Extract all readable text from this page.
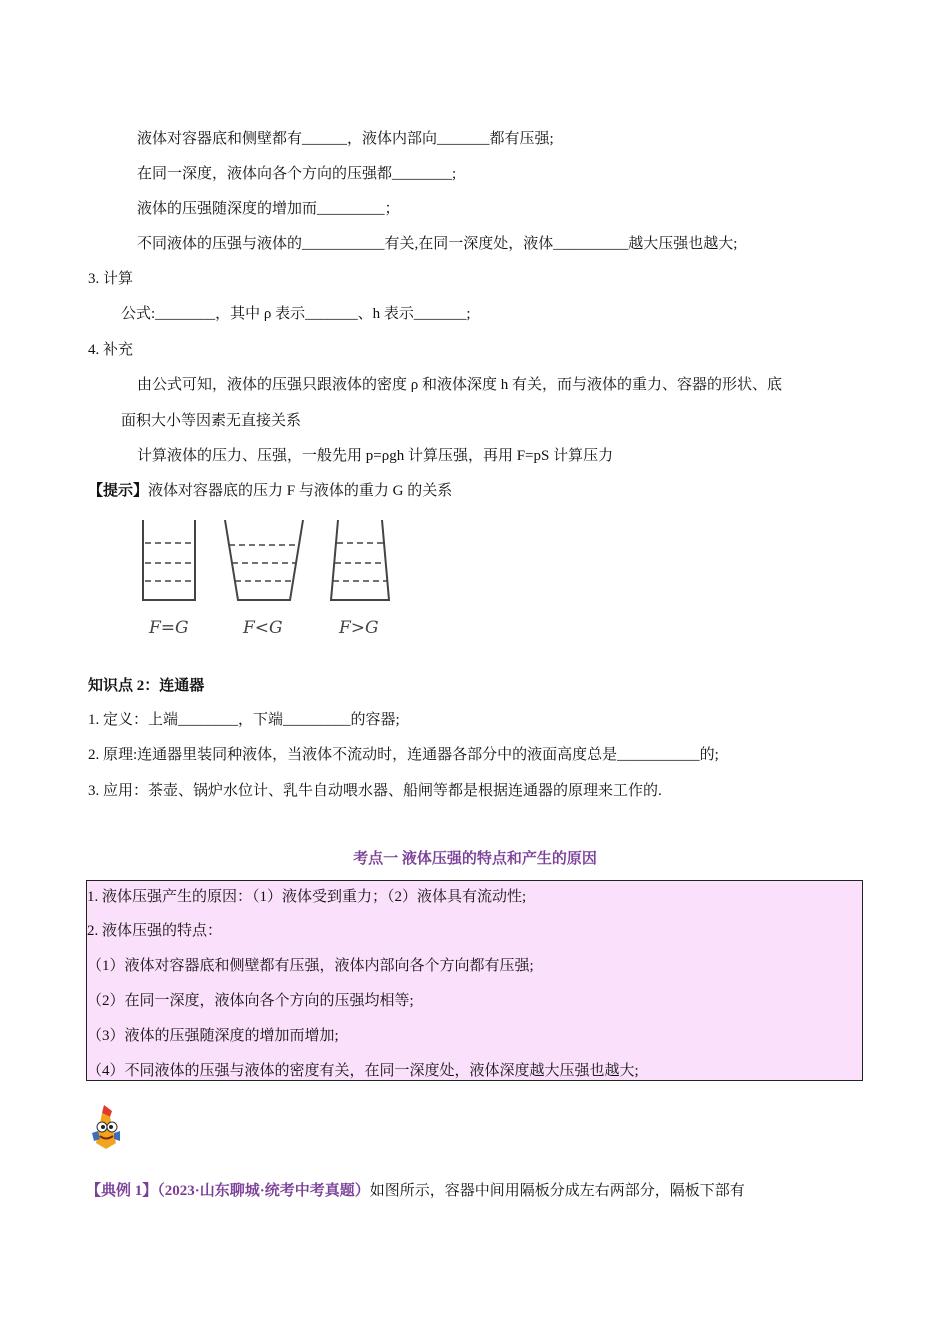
液体对容器底和侧壁都有______，液体内部向_______都有压强;
在同一深度，液体向各个方向的压强都________;
液体的压强随深度的增加而_________；
不同液体的压强与液体的___________有关,在同一深度处，液体__________越大压强也越大;
3. 计算
公式:________，其中 ρ 表示_______、h 表示_______;
4. 补充
由公式可知，液体的压强只跟液体的密度 ρ 和液体深度 h 有关，而与液体的重力、容器的形状、底
面积大小等因素无直接关系
计算液体的压力、压强，一般先用 p=ρgh 计算压强，再用 F=pS 计算压力
【提示】液体对容器底的压力 F 与液体的重力 G 的关系
F=G	F<G	F>G
知识点 2：连通器
1. 定义：上端________，下端_________的容器;
2. 原理:连通器里装同种液体，当液体不流动时，连通器各部分中的液面高度总是___________的;
3. 应用：茶壶、锅炉水位计、乳牛自动喂水器、船闸等都是根据连通器的原理来工作的.
考点一 液体压强的特点和产生的原因
1. 液体压强产生的原因：（1）液体受到重力；（2）液体具有流动性;
2. 液体压强的特点：
（1）液体对容器底和侧壁都有压强，液体内部向各个方向都有压强;
（2）在同一深度，液体向各个方向的压强均相等;
（3）液体的压强随深度的增加而增加;
（4）不同液体的压强与液体的密度有关，在同一深度处，液体深度越大压强也越大;
【典例 1】（2023·山东聊城·统考中考真题）如图所示，容器中间用隔板分成左右两部分，隔板下部有
